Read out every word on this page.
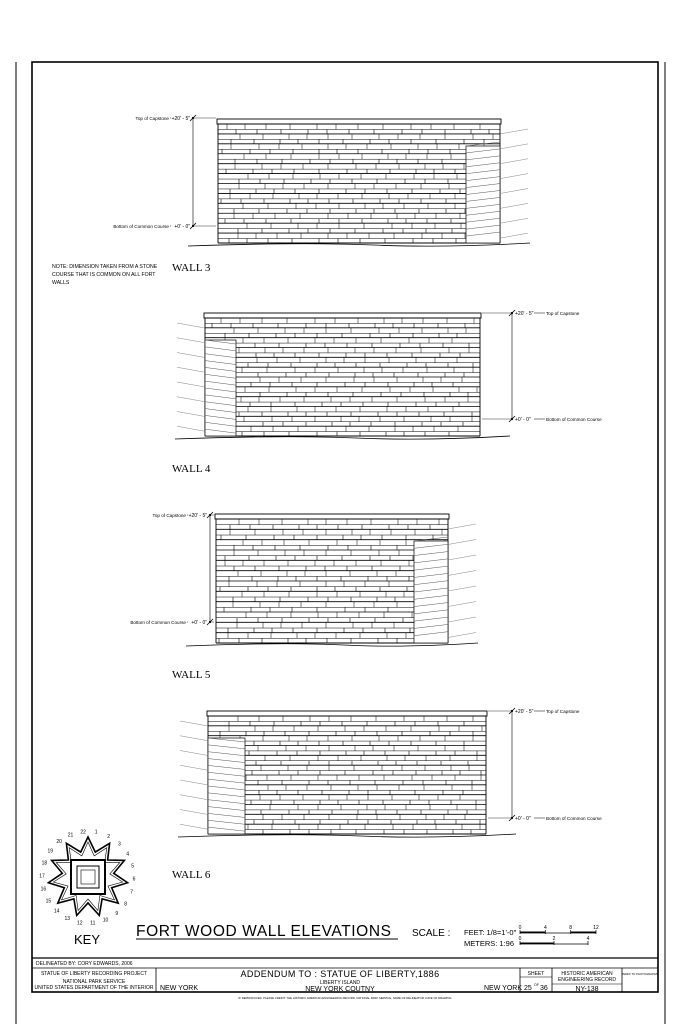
+20' - 5"
+0' - 0"
Top of Capstone
Bottom of Common Course
+20' - 5"
+0' - 0"
Top of Capstone
Bottom of Common Course
+20' - 5"
+0' - 0"
Top of Capstone
Bottom of Common Course
+20' - 5"
+0' - 0"
Top of Capstone
Bottom of Common Course
NOTE: DIMENSION TAKEN FROM A STONE
COURSE THAT IS COMMON ON ALL FORT
WALLS
WALL 3
WALL 4
WALL 5
WALL 6
1
2
3
4
5
6
7
8
9
10
11
12
13
14
15
16
17
18
19
20
21
22
KEY FORT WOOD WALL ELEVATIONS SCALE : FEET: 1/8=1'-0"
METERS: 1:96
0	4	8	12
0	2	4
DELINEATED BY: CORY EDWARDS, 2006
STATUE OF LIBERTY RECORDING PROJECT
NATIONAL PARK SERVICE
UNITED STATES DEPARTMENT OF THE INTERIOR NEW YORK
ADDENDUM TO : STATUE OF LIBERTY,1886
LIBERTY ISLAND
NEW YORK COUTNY	NEW YORK
SHEET
25 OF 36
HISTORIC AMERICAN
ENGINEERING RECORD
NY-138
INDEX TO PHOTOGRAPHS
IF REPRODUCED, PLEASE CREDIT: THE HISTORIC AMERICAN ENGINEERING RECORD, NATIONAL PARK SERVICE, NAME OF DELINEATOR, DATE OF DRAWING
